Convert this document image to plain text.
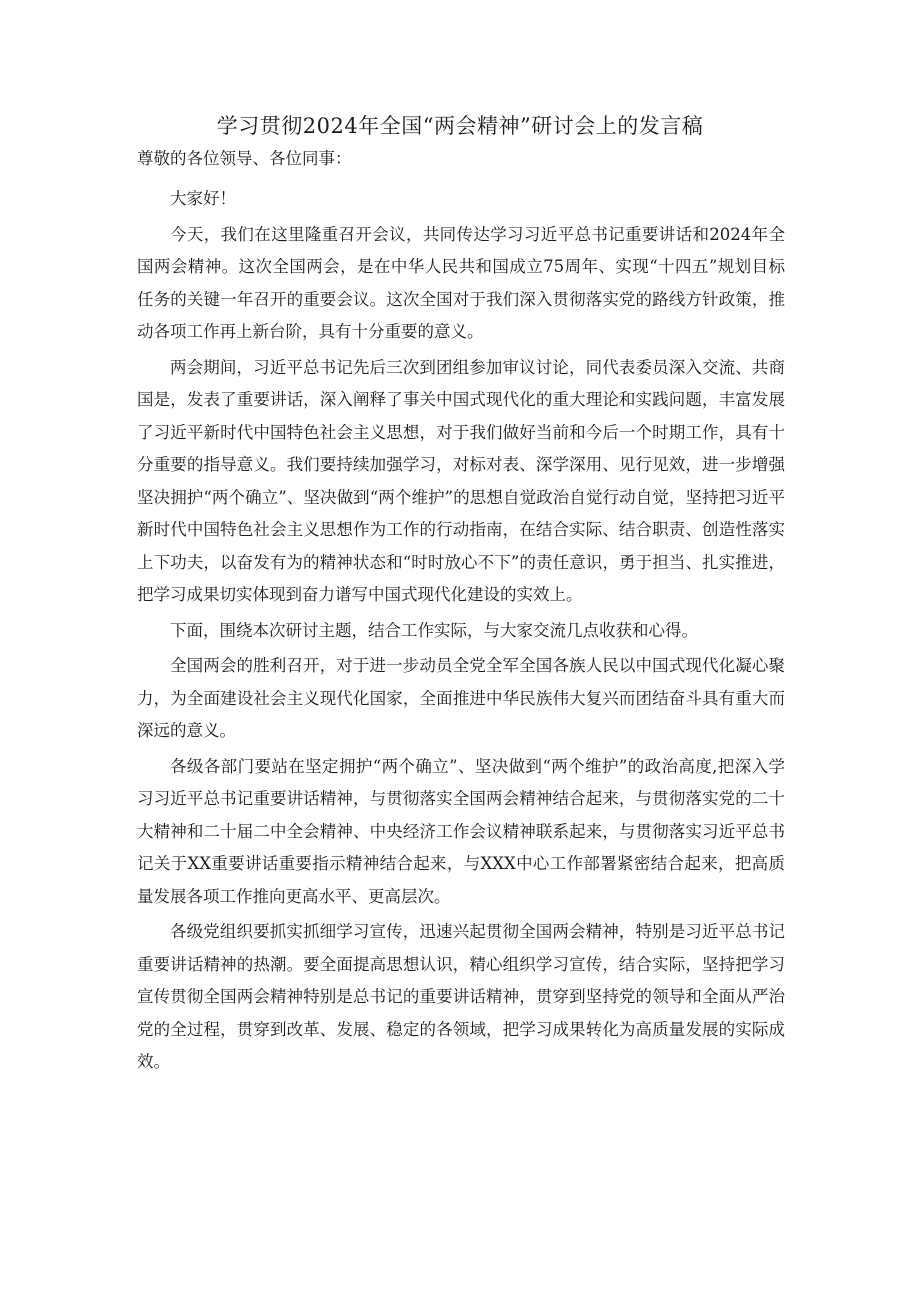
学习贯彻2024年全国“两会精神”研讨会上的发言稿
尊敬的各位领导、各位同事：

大家好！

今天，我们在这里隆重召开会议，共同传达学习习近平总书记重要讲话和2024年全国两会精神。这次全国两会，是在中华人民共和国成立75周年、实现“十四五”规划目标任务的关键一年召开的重要会议。这次全国对于我们深入贯彻落实党的路线方针政策，推动各项工作再上新台阶，具有十分重要的意义。

两会期间，习近平总书记先后三次到团组参加审议讨论，同代表委员深入交流、共商国是，发表了重要讲话，深入阐释了事关中国式现代化的重大理论和实践问题，丰富发展了习近平新时代中国特色社会主义思想，对于我们做好当前和今后一个时期工作，具有十分重要的指导意义。我们要持续加强学习，对标对表、深学深用、见行见效，进一步增强坚决拥护“两个确立”、坚决做到“两个维护”的思想自觉政治自觉行动自觉，坚持把习近平新时代中国特色社会主义思想作为工作的行动指南，在结合实际、结合职责、创造性落实上下功夫，以奋发有为的精神状态和“时时放心不下”的责任意识，勇于担当、扎实推进，把学习成果切实体现到奋力谱写中国式现代化建设的实效上。

下面，围绕本次研讨主题，结合工作实际，与大家交流几点收获和心得。

全国两会的胜利召开，对于进一步动员全党全军全国各族人民以中国式现代化凝心聚力，为全面建设社会主义现代化国家，全面推进中华民族伟大复兴而团结奋斗具有重大而深远的意义。

各级各部门要站在坚定拥护“两个确立”、坚决做到“两个维护”的政治高度,把深入学习习近平总书记重要讲话精神，与贯彻落实全国两会精神结合起来，与贯彻落实党的二十大精神和二十届二中全会精神、中央经济工作会议精神联系起来，与贯彻落实习近平总书记关于XX重要讲话重要指示精神结合起来，与XXX中心工作部署紧密结合起来，把高质量发展各项工作推向更高水平、更高层次。

各级党组织要抓实抓细学习宣传，迅速兴起贯彻全国两会精神，特别是习近平总书记重要讲话精神的热潮。要全面提高思想认识，精心组织学习宣传，结合实际，坚持把学习宣传贯彻全国两会精神特别是总书记的重要讲话精神，贯穿到坚持党的领导和全面从严治党的全过程，贯穿到改革、发展、稳定的各领域，把学习成果转化为高质量发展的实际成效。
